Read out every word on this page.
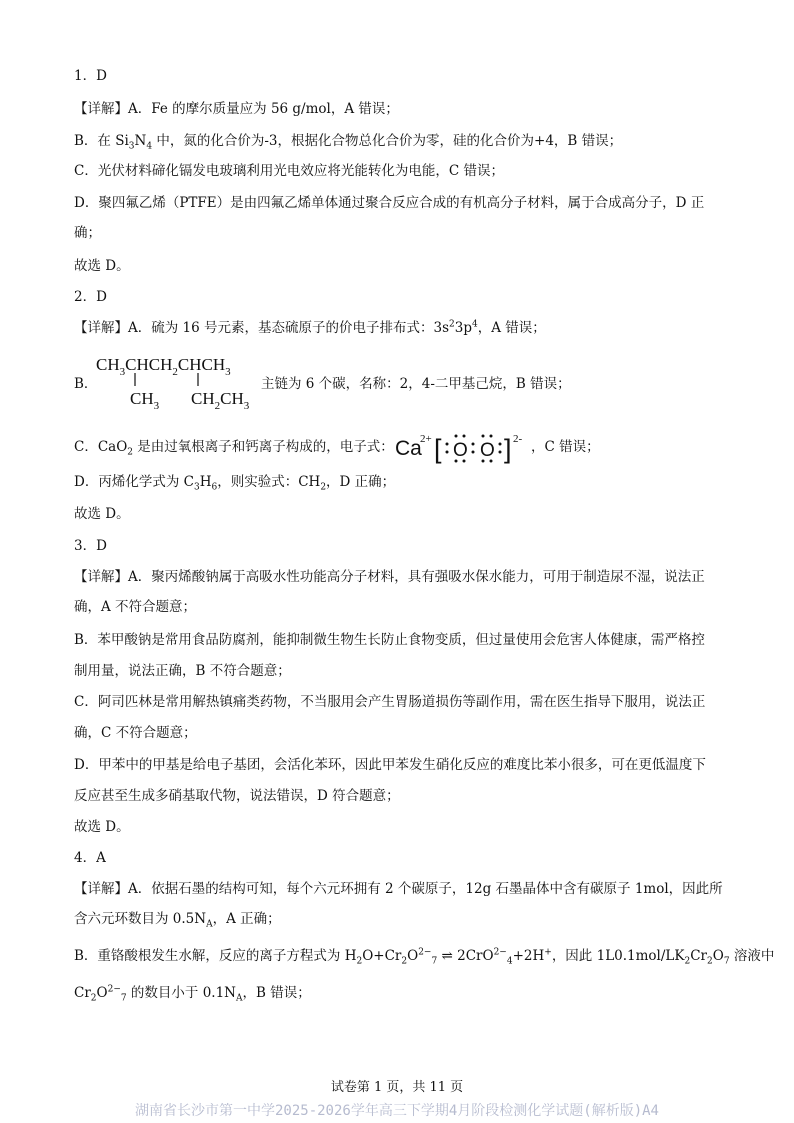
1．D
【详解】A．Fe 的摩尔质量应为 56 g/mol，A 错误；
B．在 $Si_3N_4$ 中，氮的化合价为-3，根据化合物总化合价为零，硅的化合价为+4，B 错误；
C．光伏材料碲化镉发电玻璃利用光电效应将光能转化为电能，C 错误；
D．聚四氟乙烯（PTFE）是由四氟乙烯单体通过聚合反应合成的有机高分子材料，属于合成高分子，D 正
确；
故选 D。
2．D
【详解】A．硫为 16 号元素，基态硫原子的价电子排布式：$3s^23p^4$，A 错误；
B．
$CH_3CHCH_2CHCH_3$
$CH_3$ $CH_2CH_3$
主链为 6 个碳，名称：2，4-二甲基己烷，B 错误；
C．CaO$_2$ 是由过氧根离子和钙离子构成的，电子式： Ca
2+ [ O O ] 2- ，C 错误；
D．丙烯化学式为 $C_3H_6$，则实验式：$CH_2$，D 正确；
故选 D。
3．D
【详解】A．聚丙烯酸钠属于高吸水性功能高分子材料，具有强吸水保水能力，可用于制造尿不湿，说法正
确，A 不符合题意；
B．苯甲酸钠是常用食品防腐剂，能抑制微生物生长防止食物变质，但过量使用会危害人体健康，需严格控
制用量，说法正确，B 不符合题意；
C．阿司匹林是常用解热镇痛类药物，不当服用会产生胃肠道损伤等副作用，需在医生指导下服用，说法正
确，C 不符合题意；
D．甲苯中的甲基是给电子基团，会活化苯环，因此甲苯发生硝化反应的难度比苯小很多，可在更低温度下
反应甚至生成多硝基取代物，说法错误，D 符合题意；
故选 D。
4．A
【详解】A．依据石墨的结构可知，每个六元环拥有 2 个碳原子，12g 石墨晶体中含有碳原子 1mol，因此所
含六元环数目为 $0.5N_A$，A 正确；
B．重铬酸根发生水解，反应的离子方程式为 $H_2O+Cr_2O^{2-}_7$ ⇌ 2CrO$^{2-}_4$+2H+，因此 $1L0.1mol/LK_2Cr_2O_7$ 溶液中
$Cr_2O^{2-}_7$ 的数目小于 $0.1N_A$，B 错误；
试卷第 1 页，共 11 页
湖南省长沙市第一中学2025-2026学年高三下学期4月阶段检测化学试题(解析版)A4
